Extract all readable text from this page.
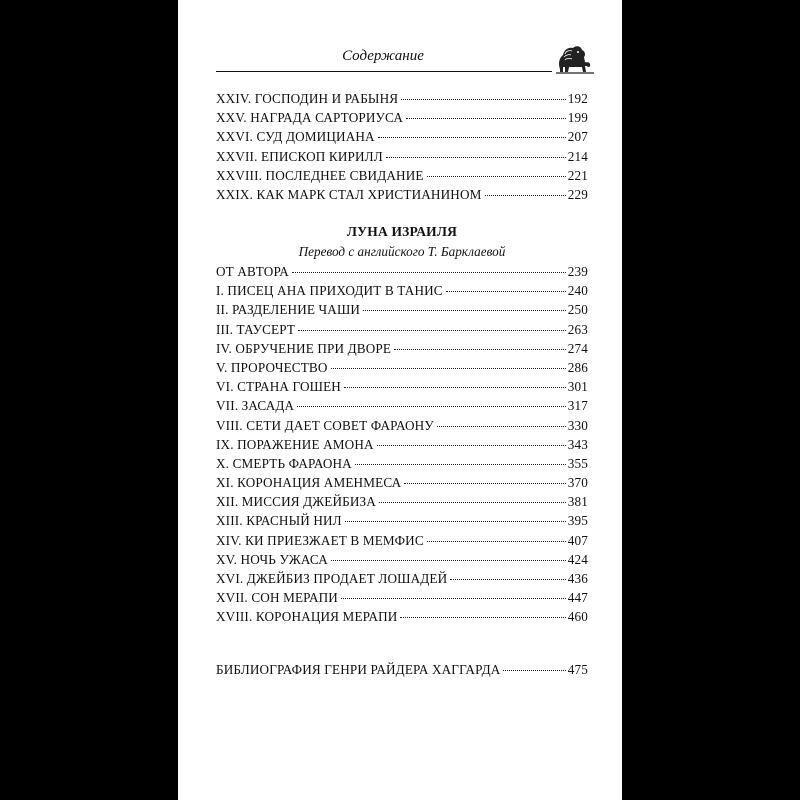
Содержание
XXIV. ГОСПОДИН И РАБЫНЯ	192
XXV. НАГРАДА САРТОРИУСА	199
XXVI. СУД ДОМИЦИАНА	207
XXVII. ЕПИСКОП КИРИЛЛ	214
XXVIII. ПОСЛЕДНЕЕ СВИДАНИЕ	221
XXIX. КАК МАРК СТАЛ ХРИСТИАНИНОМ	229
ЛУНА ИЗРАИЛЯ
Перевод с английского Т. Барклаевой
ОТ АВТОРА	239
I. ПИСЕЦ АНА ПРИХОДИТ В ТАНИС	240
II. РАЗДЕЛЕНИЕ ЧАШИ	250
III. ТАУСЕРТ	263
IV. ОБРУЧЕНИЕ ПРИ ДВОРЕ	274
V. ПРОРОЧЕСТВО	286
VI. СТРАНА ГОШЕН	301
VII. ЗАСАДА	317
VIII. СЕТИ ДАЕТ СОВЕТ ФАРАОНУ	330
IX. ПОРАЖЕНИЕ АМОНА	343
X. СМЕРТЬ ФАРАОНА	355
XI. КОРОНАЦИЯ АМЕНМЕСА	370
XII. МИССИЯ ДЖЕЙБИЗА	381
XIII. КРАСНЫЙ НИЛ	395
XIV. КИ ПРИЕЗЖАЕТ В МЕМФИС	407
XV. НОЧЬ УЖАСА	424
XVI. ДЖЕЙБИЗ ПРОДАЕТ ЛОШАДЕЙ	436
XVII. СОН МЕРАПИ	447
XVIII. КОРОНАЦИЯ МЕРАПИ	460
БИБЛИОГРАФИЯ ГЕНРИ РАЙДЕРА ХАГГАРДА	475
